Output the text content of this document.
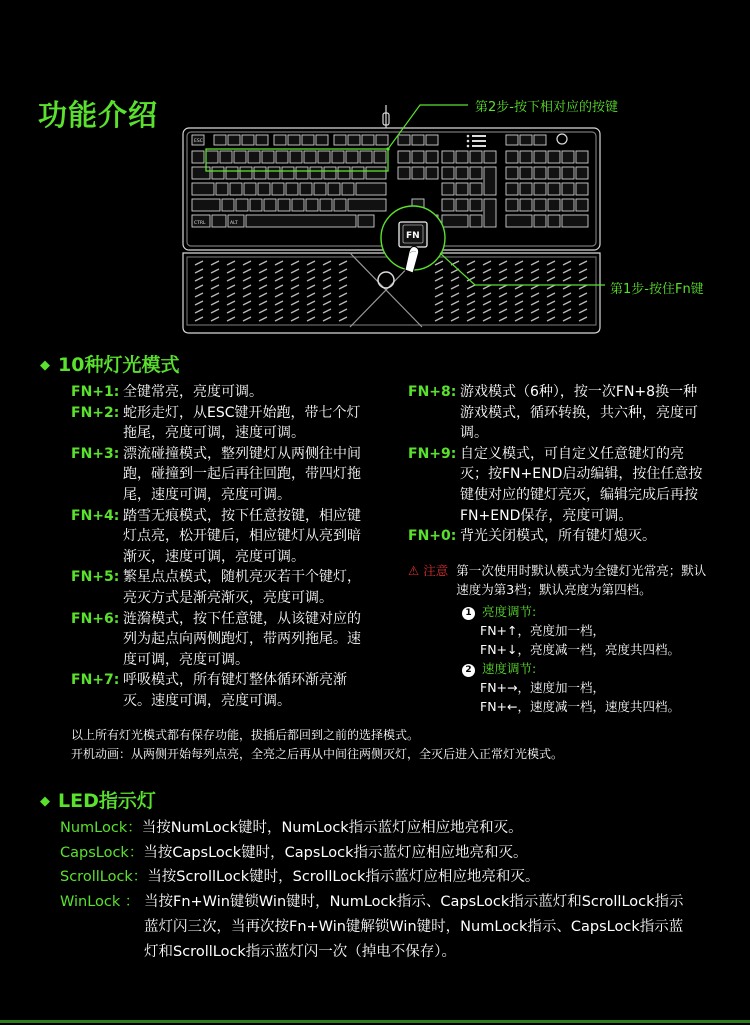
功能介绍
ESC
CTRL	ALT
FN
第2步-按下相对应的按键
第1步-按住Fn键
◆ 10种灯光模式
FN+1: 全键常亮，亮度可调。
FN+2: 蛇形走灯，从ESC键开始跑，带七个灯拖尾，亮度可调，速度可调。
FN+3: 漂流碰撞模式，整列键灯从两侧往中间跑，碰撞到一起后再往回跑，带四灯拖尾，速度可调，亮度可调。
FN+4: 踏雪无痕模式，按下任意按键，相应键灯点亮，松开键后，相应键灯从亮到暗渐灭，速度可调，亮度可调。
FN+5: 繁星点点模式，随机亮灭若干个键灯，亮灭方式是渐亮渐灭，亮度可调。
FN+6: 涟漪模式，按下任意键，从该键对应的列为起点向两侧跑灯，带两列拖尾。速度可调，亮度可调。
FN+7: 呼吸模式，所有键灯整体循环渐亮渐灭。速度可调，亮度可调。
FN+8: 游戏模式（6种），按一次FN+8换一种游戏模式，循环转换，共六种，亮度可调。
FN+9: 自定义模式，可自定义任意键灯的亮灭；按FN+END启动编辑，按住任意按键使对应的键灯亮灭，编辑完成后再按FN+END保存，亮度可调。
FN+0: 背光关闭模式，所有键灯熄灭。
⚠ 注意 第一次使用时默认模式为全键灯光常亮；默认速度为第3档；默认亮度为第四档。
1 亮度调节:
FN+↑，亮度加一档，
FN+↓，亮度减一档，亮度共四档。
2 速度调节:
FN+→，速度加一档，
FN+←，速度减一档，速度共四档。
以上所有灯光模式都有保存功能，拔插后都回到之前的选择模式。
开机动画：从两侧开始每列点亮，全亮之后再从中间往两侧灭灯，全灭后进入正常灯光模式。
◆ LED指示灯
NumLock： 当按NumLock键时，NumLock指示蓝灯应相应地亮和灭。
CapsLock： 当按CapsLock键时，CapsLock指示蓝灯应相应地亮和灭。
ScrollLock： 当按ScrollLock键时，ScrollLock指示蓝灯应相应地亮和灭。
WinLock ： 当按Fn+Win键锁Win键时，NumLock指示、CapsLock指示蓝灯和ScrollLock指示蓝灯闪三次，当再次按Fn+Win键解锁Win键时，NumLock指示、CapsLock指示蓝灯和ScrollLock指示蓝灯闪一次（掉电不保存）。
